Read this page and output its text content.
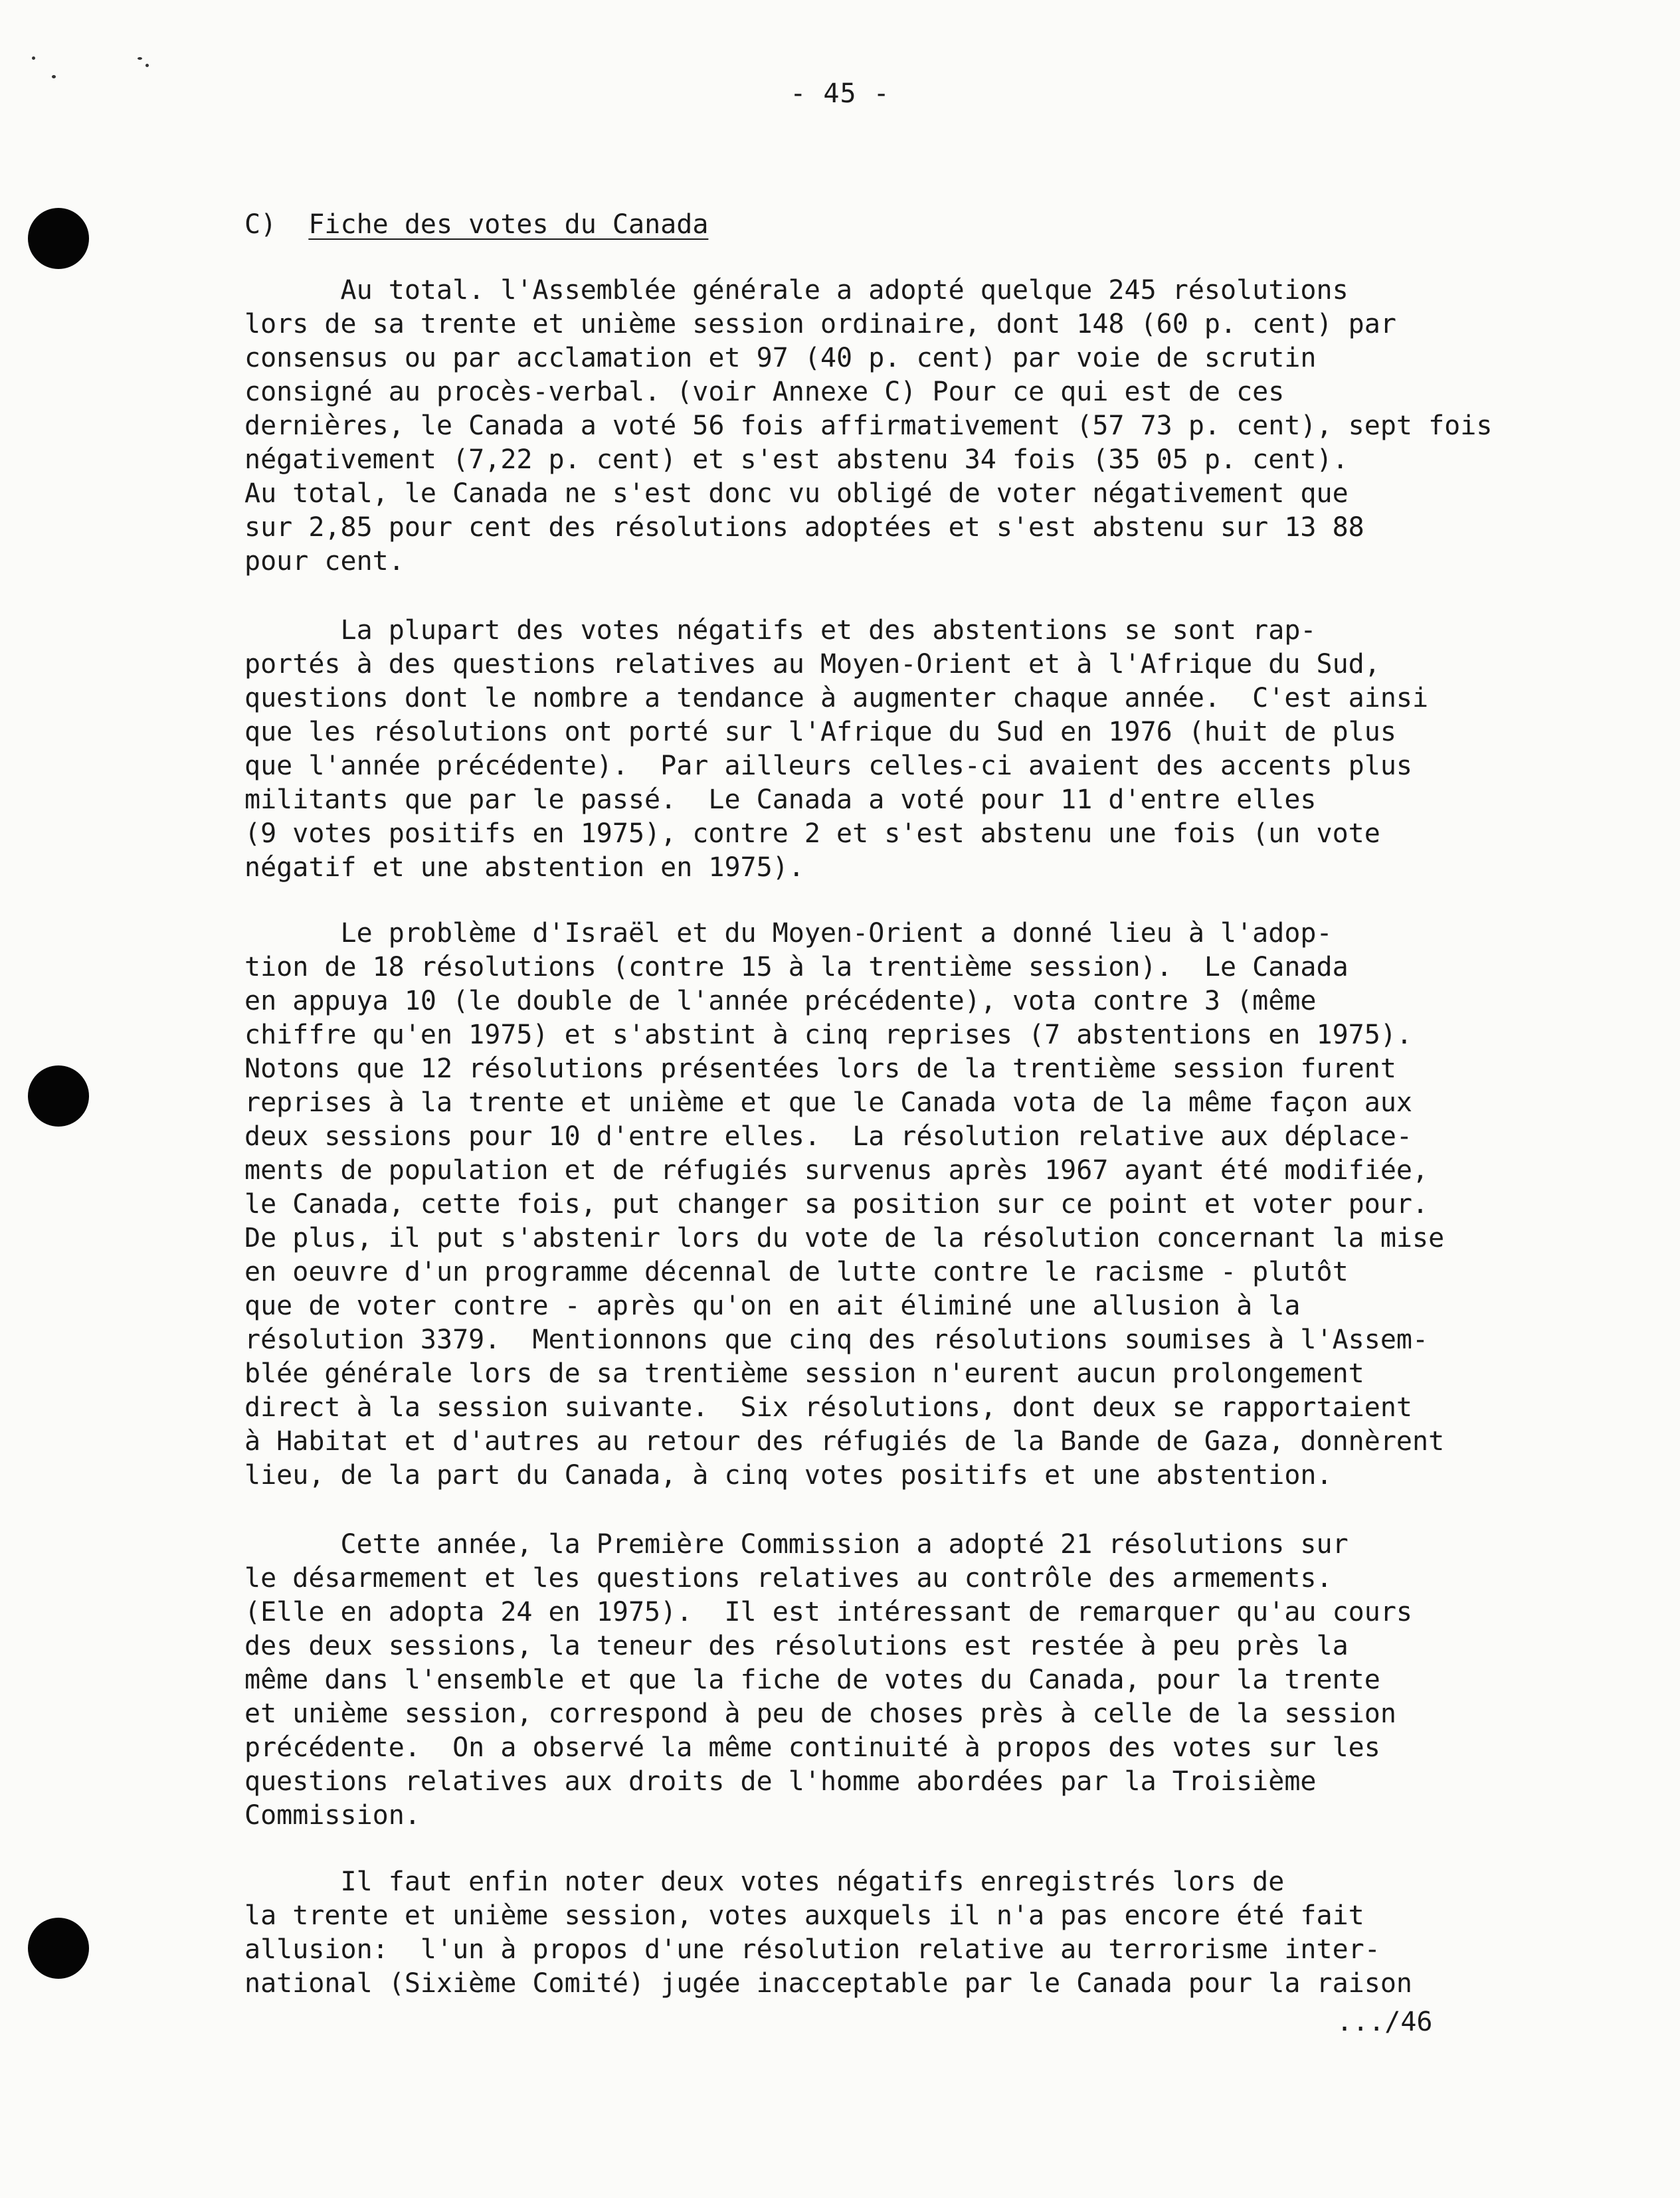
- 45 -
C) Fiche des votes du Canada
Au total. l'Assemblée générale a adopté quelque 245 résolutions
lors de sa trente et unième session ordinaire, dont 148 (60 p. cent) par
consensus ou par acclamation et 97 (40 p. cent) par voie de scrutin
consigné au procès-verbal. (voir Annexe C) Pour ce qui est de ces
dernières, le Canada a voté 56 fois affirmativement (57 73 p. cent), sept fois
négativement (7,22 p. cent) et s'est abstenu 34 fois (35 05 p. cent).
Au total, le Canada ne s'est donc vu obligé de voter négativement que
sur 2,85 pour cent des résolutions adoptées et s'est abstenu sur 13 88
pour cent.
La plupart des votes négatifs et des abstentions se sont rap-
portés à des questions relatives au Moyen-Orient et à l'Afrique du Sud,
questions dont le nombre a tendance à augmenter chaque année.  C'est ainsi
que les résolutions ont porté sur l'Afrique du Sud en 1976 (huit de plus
que l'année précédente).  Par ailleurs celles-ci avaient des accents plus
militants que par le passé.  Le Canada a voté pour 11 d'entre elles
(9 votes positifs en 1975), contre 2 et s'est abstenu une fois (un vote
négatif et une abstention en 1975).
Le problème d'Israël et du Moyen-Orient a donné lieu à l'adop-
tion de 18 résolutions (contre 15 à la trentième session).  Le Canada
en appuya 10 (le double de l'année précédente), vota contre 3 (même
chiffre qu'en 1975) et s'abstint à cinq reprises (7 abstentions en 1975).
Notons que 12 résolutions présentées lors de la trentième session furent
reprises à la trente et unième et que le Canada vota de la même façon aux
deux sessions pour 10 d'entre elles.  La résolution relative aux déplace-
ments de population et de réfugiés survenus après 1967 ayant été modifiée,
le Canada, cette fois, put changer sa position sur ce point et voter pour.
De plus, il put s'abstenir lors du vote de la résolution concernant la mise
en oeuvre d'un programme décennal de lutte contre le racisme - plutôt
que de voter contre - après qu'on en ait éliminé une allusion à la
résolution 3379.  Mentionnons que cinq des résolutions soumises à l'Assem-
blée générale lors de sa trentième session n'eurent aucun prolongement
direct à la session suivante.  Six résolutions, dont deux se rapportaient
à Habitat et d'autres au retour des réfugiés de la Bande de Gaza, donnèrent
lieu, de la part du Canada, à cinq votes positifs et une abstention.
Cette année, la Première Commission a adopté 21 résolutions sur
le désarmement et les questions relatives au contrôle des armements.
(Elle en adopta 24 en 1975).  Il est intéressant de remarquer qu'au cours
des deux sessions, la teneur des résolutions est restée à peu près la
même dans l'ensemble et que la fiche de votes du Canada, pour la trente
et unième session, correspond à peu de choses près à celle de la session
précédente.  On a observé la même continuité à propos des votes sur les
questions relatives aux droits de l'homme abordées par la Troisième
Commission.
Il faut enfin noter deux votes négatifs enregistrés lors de
la trente et unième session, votes auxquels il n'a pas encore été fait
allusion:  l'un à propos d'une résolution relative au terrorisme inter-
national (Sixième Comité) jugée inacceptable par le Canada pour la raison
.../46
